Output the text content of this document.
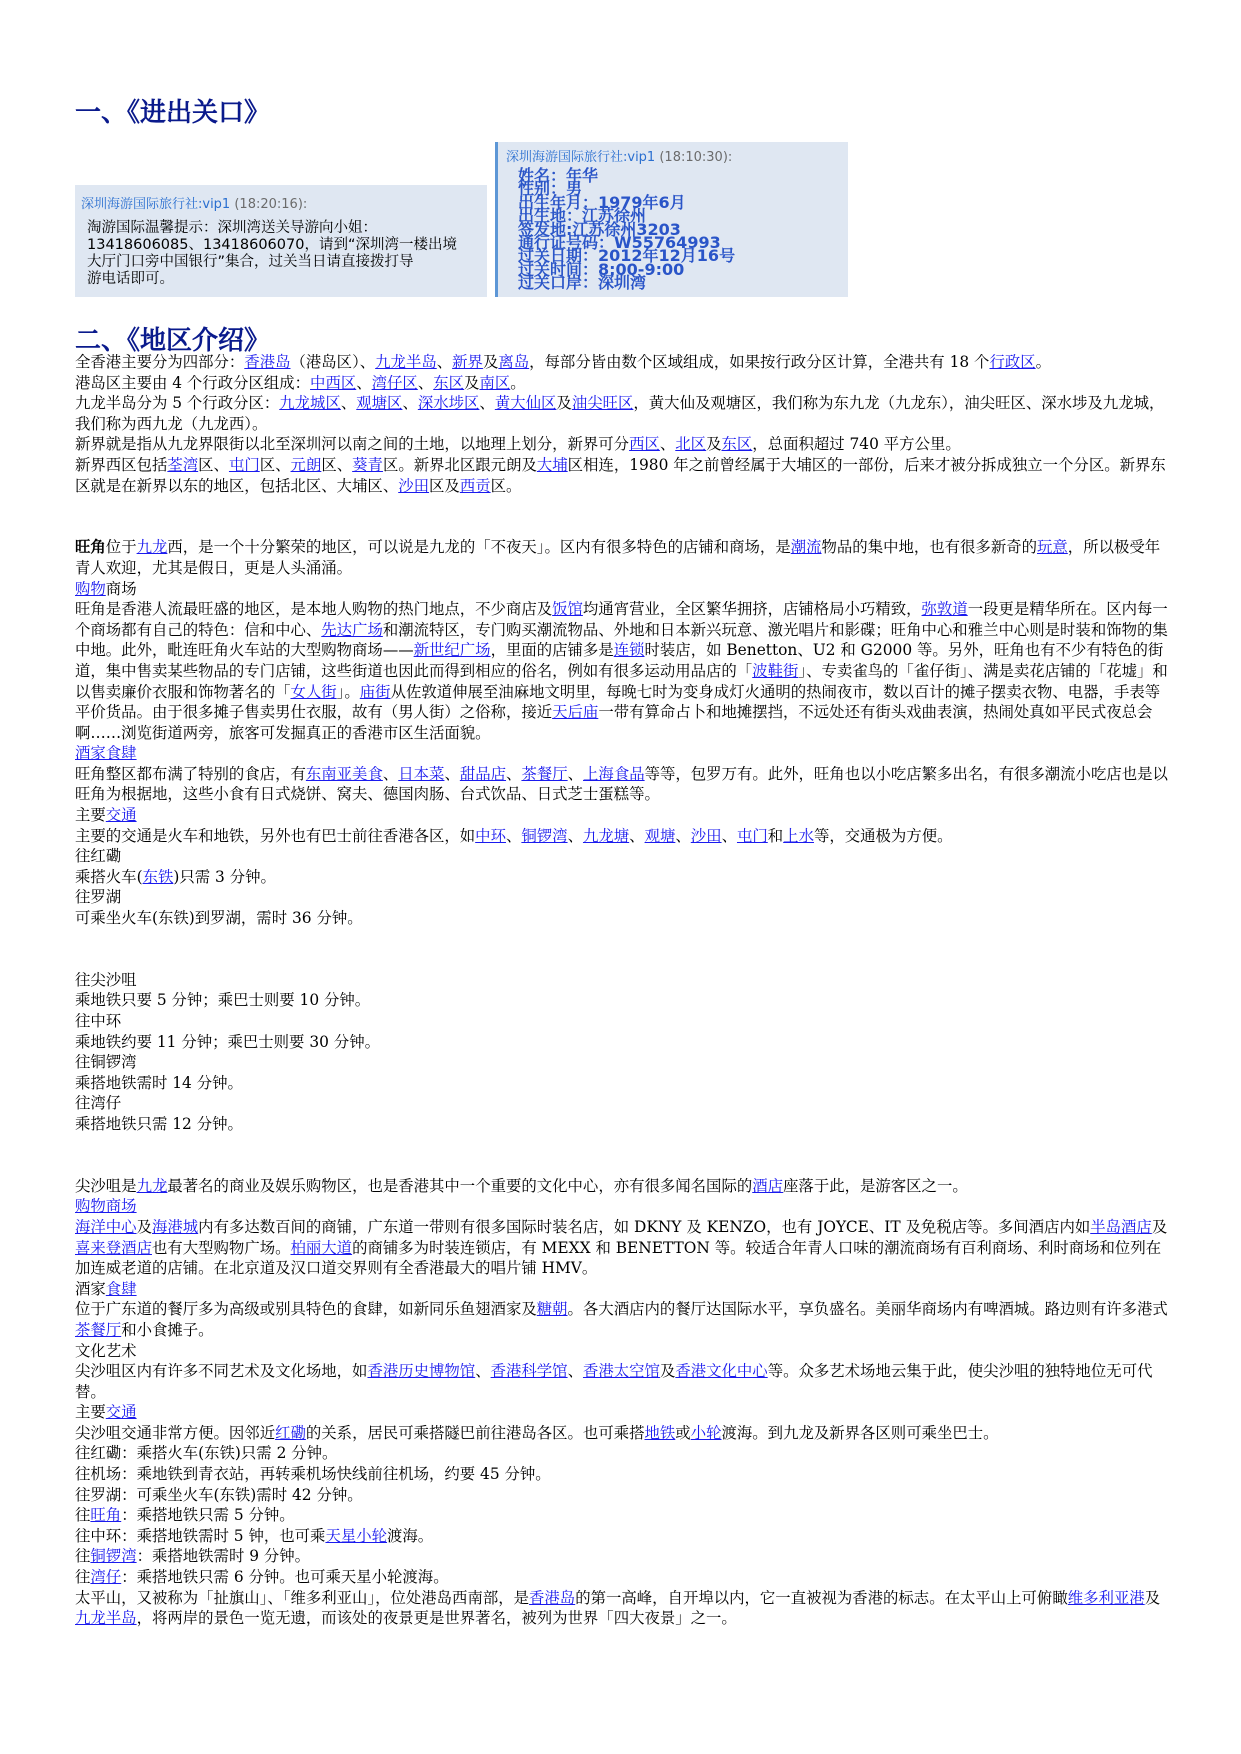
一、《进出关口》
深圳海游国际旅行社:vip1 (18:20:16):
淘游国际温馨提示：深圳湾送关导游向小姐：
13418606085、13418606070，请到“深圳湾一楼出境
大厅门口旁中国银行”集合，过关当日请直接拨打导
游电话即可。
深圳海游国际旅行社:vip1 (18:10:30):
姓名：年华
性别：男
出生年月：1979年6月
出生地：江苏徐州
签发地:江苏徐州3203
通行证号码：W55764993
过关日期：2012年12月16号
过关时间：8:00-9:00
过关口岸：深圳湾
二、《地区介绍》

全香港主要分为四部分：香港岛（港岛区）、九龙半岛、新界及离岛，每部分皆由数个区域组成，如果按行政分区计算，全港共有 18 个行政区。

港岛区主要由 4 个行政分区组成：中西区、湾仔区、东区及南区。

九龙半岛分为 5 个行政分区：九龙城区、观塘区、深水埗区、黄大仙区及油尖旺区，黄大仙及观塘区，我们称为东九龙（九龙东），油尖旺区、深水埗及九龙城，我们称为西九龙（九龙西）。

新界就是指从九龙界限街以北至深圳河以南之间的土地，以地理上划分，新界可分西区、北区及东区，总面积超过 740 平方公里。

新界西区包括荃湾区、屯门区、元朗区、葵青区。新界北区跟元朗及大埔区相连，1980 年之前曾经属于大埔区的一部份，后来才被分拆成独立一个分区。新界东区就是在新界以东的地区，包括北区、大埔区、沙田区及西贡区。

旺角位于九龙西，是一个十分繁荣的地区，可以说是九龙的「不夜天」。区内有很多特色的店铺和商场，是潮流物品的集中地，也有很多新奇的玩意，所以极受年青人欢迎，尤其是假日，更是人头涌涌。

购物商场

旺角是香港人流最旺盛的地区，是本地人购物的热门地点，不少商店及饭馆均通宵营业，全区繁华拥挤，店铺格局小巧精致，弥敦道一段更是精华所在。区内每一个商场都有自己的特色：信和中心、先达广场和潮流特区，专门购买潮流物品、外地和日本新兴玩意、激光唱片和影碟；旺角中心和雅兰中心则是时装和饰物的集中地。此外，毗连旺角火车站的大型购物商场——新世纪广场，里面的店铺多是连锁时装店，如 Benetton、U2 和 G2000 等。另外，旺角也有不少有特色的街道，集中售卖某些物品的专门店铺，这些街道也因此而得到相应的俗名，例如有很多运动用品店的「波鞋街」、专卖雀鸟的「雀仔街」、满是卖花店铺的「花墟」和以售卖廉价衣服和饰物著名的「女人街」。庙街从佐敦道伸展至油麻地文明里，每晚七时为变身成灯火通明的热闹夜市，数以百计的摊子摆卖衣物、电器，手表等平价货品。由于很多摊子售卖男仕衣服，故有（男人街）之俗称，接近天后庙一带有算命占卜和地摊摆挡，不远处还有街头戏曲表演，热闹处真如平民式夜总会啊……浏览街道两旁，旅客可发掘真正的香港市区生活面貌。

酒家食肆

旺角整区都布满了特别的食店，有东南亚美食、日本菜、甜品店、茶餐厅、上海食品等等，包罗万有。此外，旺角也以小吃店繁多出名，有很多潮流小吃店也是以旺角为根据地，这些小食有日式烧饼、窝夫、德国肉肠、台式饮品、日式芝士蛋糕等。

主要交通

主要的交通是火车和地铁，另外也有巴士前往香港各区，如中环、铜锣湾、九龙塘、观塘、沙田、屯门和上水等，交通极为方便。

往红磡

乘搭火车(东铁)只需 3 分钟。

往罗湖

可乘坐火车(东铁)到罗湖，需时 36 分钟。

往尖沙咀

乘地铁只要 5 分钟；乘巴士则要 10 分钟。

往中环

乘地铁约要 11 分钟；乘巴士则要 30 分钟。

往铜锣湾

乘搭地铁需时 14 分钟。

往湾仔

乘搭地铁只需 12 分钟。

尖沙咀是九龙最著名的商业及娱乐购物区，也是香港其中一个重要的文化中心，亦有很多闻名国际的酒店座落于此，是游客区之一。

购物商场

海洋中心及海港城内有多达数百间的商铺，广东道一带则有很多国际时装名店，如 DKNY 及 KENZO，也有 JOYCE、IT 及免税店等。多间酒店内如半岛酒店及喜来登酒店也有大型购物广场。柏丽大道的商铺多为时装连锁店，有 MEXX 和 BENETTON 等。较适合年青人口味的潮流商场有百利商场、利时商场和位列在加连威老道的店铺。在北京道及汉口道交界则有全香港最大的唱片铺 HMV。

酒家食肆

位于广东道的餐厅多为高级或别具特色的食肆，如新同乐鱼翅酒家及糖朝。各大酒店内的餐厅达国际水平，享负盛名。美丽华商场内有啤酒城。路边则有许多港式茶餐厅和小食摊子。

文化艺术

尖沙咀区内有许多不同艺术及文化场地，如香港历史博物馆、香港科学馆、香港太空馆及香港文化中心等。众多艺术场地云集于此，使尖沙咀的独特地位无可代替。

主要交通

尖沙咀交通非常方便。因邻近红磡的关系，居民可乘搭隧巴前往港岛各区。也可乘搭地铁或小轮渡海。到九龙及新界各区则可乘坐巴士。

往红磡：乘搭火车(东铁)只需 2 分钟。

往机场：乘地铁到青衣站，再转乘机场快线前往机场，约要 45 分钟。

往罗湖：可乘坐火车(东铁)需时 42 分钟。

往旺角：乘搭地铁只需 5 分钟。

往中环：乘搭地铁需时 5 钟，也可乘天星小轮渡海。

往铜锣湾：乘搭地铁需时 9 分钟。

往湾仔：乘搭地铁只需 6 分钟。也可乘天星小轮渡海。

太平山，又被称为「扯旗山」、「维多利亚山」，位处港岛西南部，是香港岛的第一高峰，自开埠以内，它一直被视为香港的标志。在太平山上可俯瞰维多利亚港及九龙半岛，将两岸的景色一览无遗，而该处的夜景更是世界著名，被列为世界「四大夜景」之一。
